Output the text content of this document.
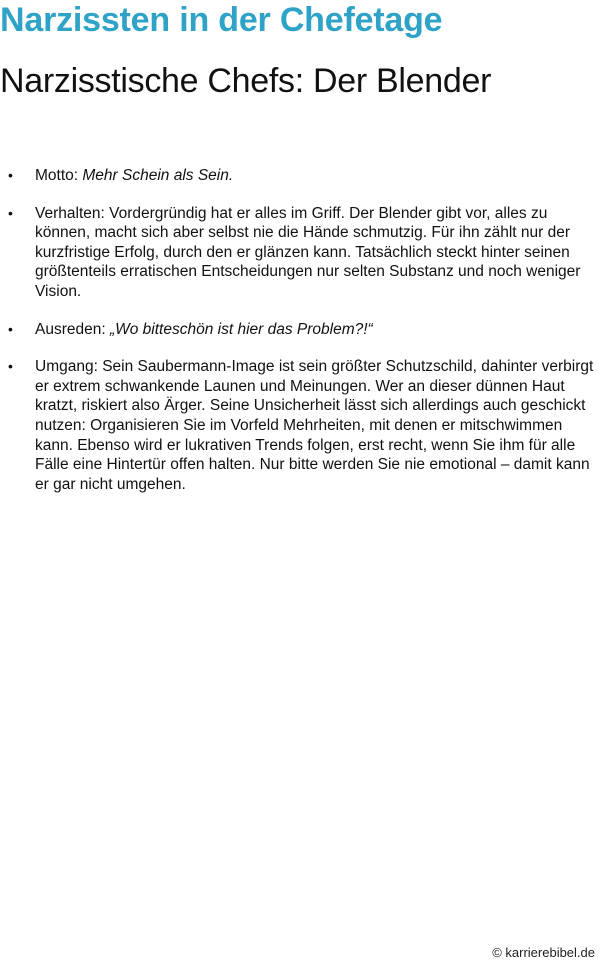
Narzissten in der Chefetage
Narzisstische Chefs: Der Blender
• Motto: Mehr Schein als Sein.
• Verhalten: Vordergründig hat er alles im Griff. Der Blender gibt vor, alles zu können, macht sich aber selbst nie die Hände schmutzig. Für ihn zählt nur der kurzfristige Erfolg, durch den er glänzen kann. Tatsächlich steckt hinter seinen größtenteils erratischen Entscheidungen nur selten Substanz und noch weniger Vision.
• Ausreden: „Wo bitteschön ist hier das Problem?!“
• Umgang: Sein Saubermann-Image ist sein größter Schutzschild, dahinter verbirgt er extrem schwankende Launen und Meinungen. Wer an dieser dünnen Haut kratzt, riskiert also Ärger. Seine Unsicherheit lässt sich allerdings auch geschickt nutzen: Organisieren Sie im Vorfeld Mehrheiten, mit denen er mitschwimmen kann. Ebenso wird er lukrativen Trends folgen, erst recht, wenn Sie ihm für alle Fälle eine Hintertür offen halten. Nur bitte werden Sie nie emotional – damit kann er gar nicht umgehen.
© karrierebibel.de
